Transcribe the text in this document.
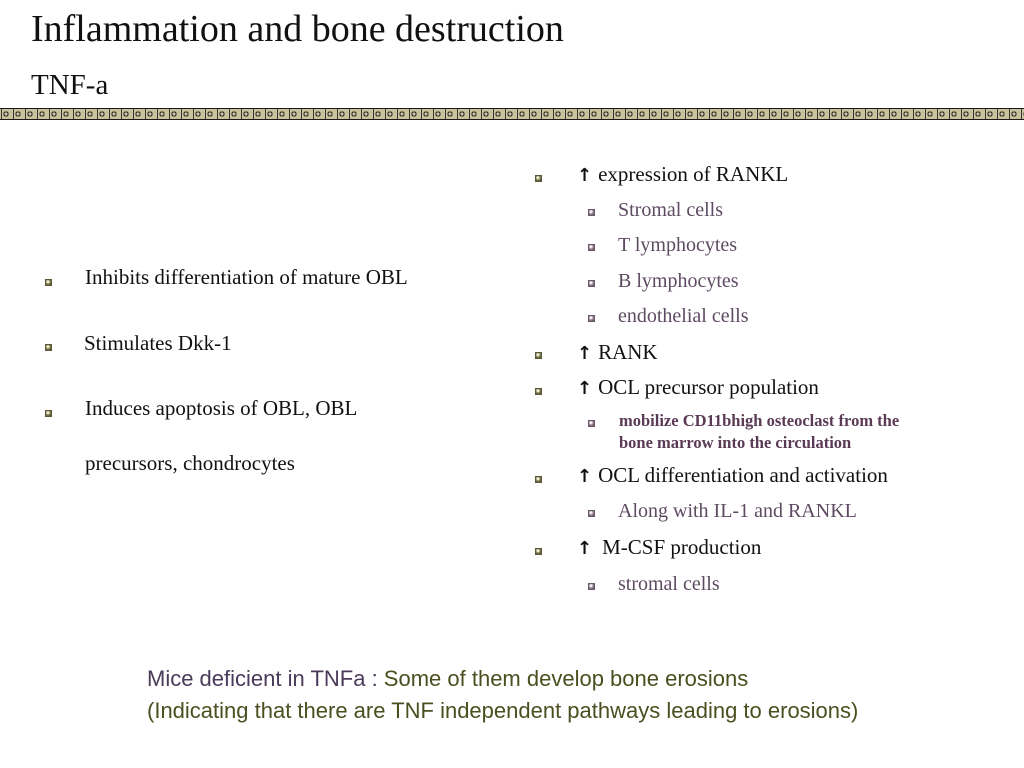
Inflammation and bone destruction
TNF-a
Inhibits differentiation of mature OBL
Stimulates Dkk-1
Induces apoptosis of OBL, OBL
precursors, chondrocytes
↑ expression of RANKL
Stromal cells
T lymphocytes
B lymphocytes
endothelial cells
↑ RANK
↑ OCL precursor population
mobilize CD11bhigh osteoclast from the
bone marrow into the circulation
↑ OCL differentiation and activation
Along with IL-1 and RANKL
↑ M-CSF production
stromal cells
Mice deficient in TNFa : Some of them develop bone erosions
(Indicating that there are TNF independent pathways leading to erosions)
